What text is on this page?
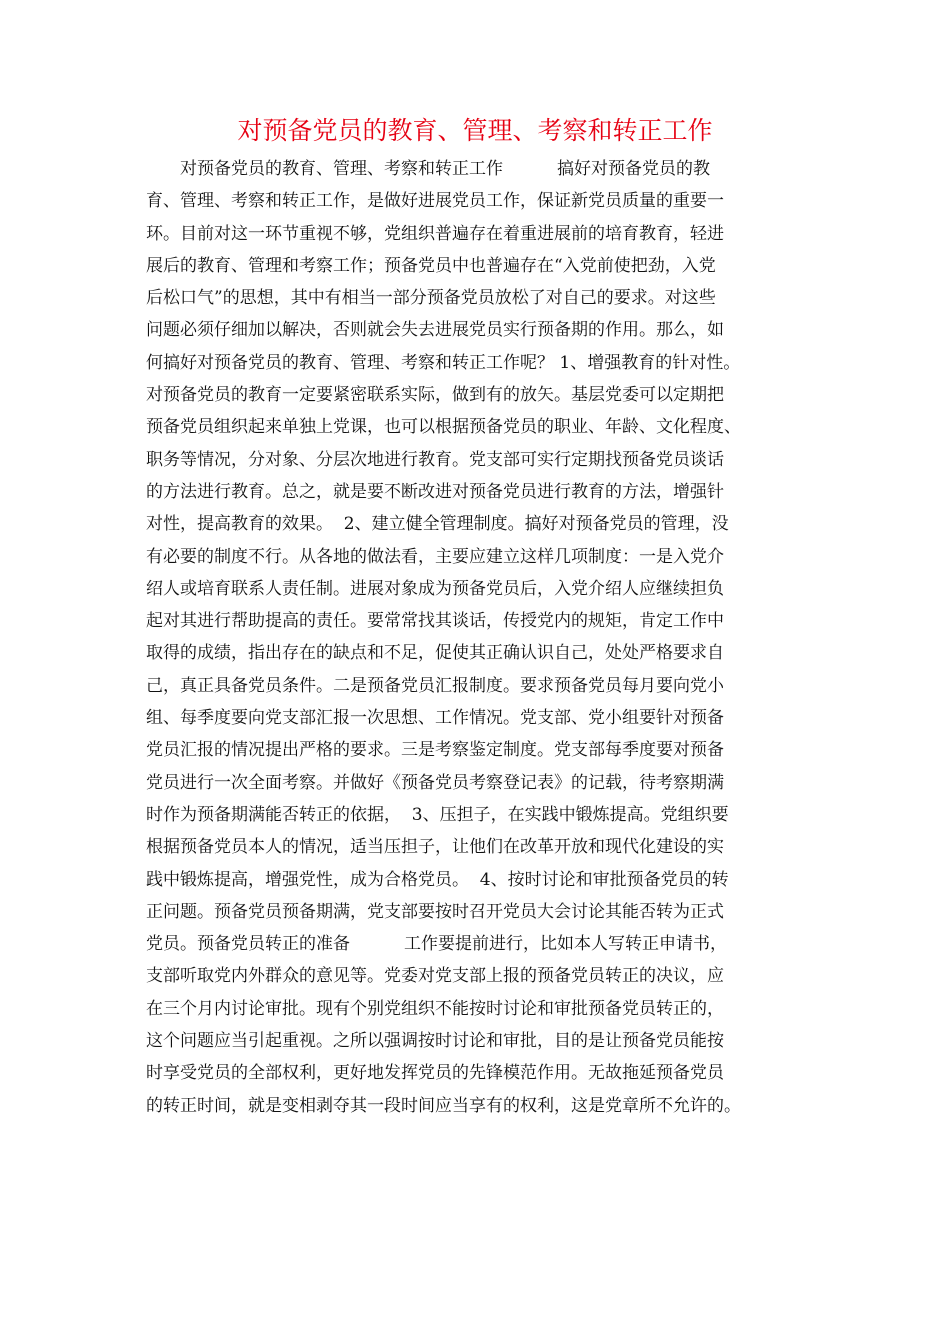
对预备党员的教育、管理、考察和转正工作
对预备党员的教育、管理、考察和转正工作          搞好对预备党员的教
育、管理、考察和转正工作，是做好进展党员工作，保证新党员质量的重要一
环。目前对这一环节重视不够，党组织普遍存在着重进展前的培育教育，轻进
展后的教育、管理和考察工作；预备党员中也普遍存在“入党前使把劲，入党
后松口气”的思想，其中有相当一部分预备党员放松了对自己的要求。对这些
问题必须仔细加以解决，否则就会失去进展党员实行预备期的作用。那么，如
何搞好对预备党员的教育、管理、考察和转正工作呢？ 1、增强教育的针对性。
对预备党员的教育一定要紧密联系实际，做到有的放矢。基层党委可以定期把
预备党员组织起来单独上党课，也可以根据预备党员的职业、年龄、文化程度、
职务等情况，分对象、分层次地进行教育。党支部可实行定期找预备党员谈话
的方法进行教育。总之，就是要不断改进对预备党员进行教育的方法，增强针
对性，提高教育的效果。  2、建立健全管理制度。搞好对预备党员的管理，没
有必要的制度不行。从各地的做法看，主要应建立这样几项制度：一是入党介
绍人或培育联系人责任制。进展对象成为预备党员后，入党介绍人应继续担负
起对其进行帮助提高的责任。要常常找其谈话，传授党内的规矩，肯定工作中
取得的成绩，指出存在的缺点和不足，促使其正确认识自己，处处严格要求自
己，真正具备党员条件。二是预备党员汇报制度。要求预备党员每月要向党小
组、每季度要向党支部汇报一次思想、工作情况。党支部、党小组要针对预备
党员汇报的情况提出严格的要求。三是考察鉴定制度。党支部每季度要对预备
党员进行一次全面考察。并做好《预备党员考察登记表》的记载，待考察期满
时作为预备期满能否转正的依据，  3、压担子，在实践中锻炼提高。党组织要
根据预备党员本人的情况，适当压担子，让他们在改革开放和现代化建设的实
践中锻炼提高，增强党性，成为合格党员。  4、按时讨论和审批预备党员的转
正问题。预备党员预备期满，党支部要按时召开党员大会讨论其能否转为正式
党员。预备党员转正的准备          工作要提前进行，比如本人写转正申请书，
支部听取党内外群众的意见等。党委对党支部上报的预备党员转正的决议，应
在三个月内讨论审批。现有个别党组织不能按时讨论和审批预备党员转正的，
这个问题应当引起重视。之所以强调按时讨论和审批，目的是让预备党员能按
时享受党员的全部权利，更好地发挥党员的先锋模范作用。无故拖延预备党员
的转正时间，就是变相剥夺其一段时间应当享有的权利，这是党章所不允许的。
